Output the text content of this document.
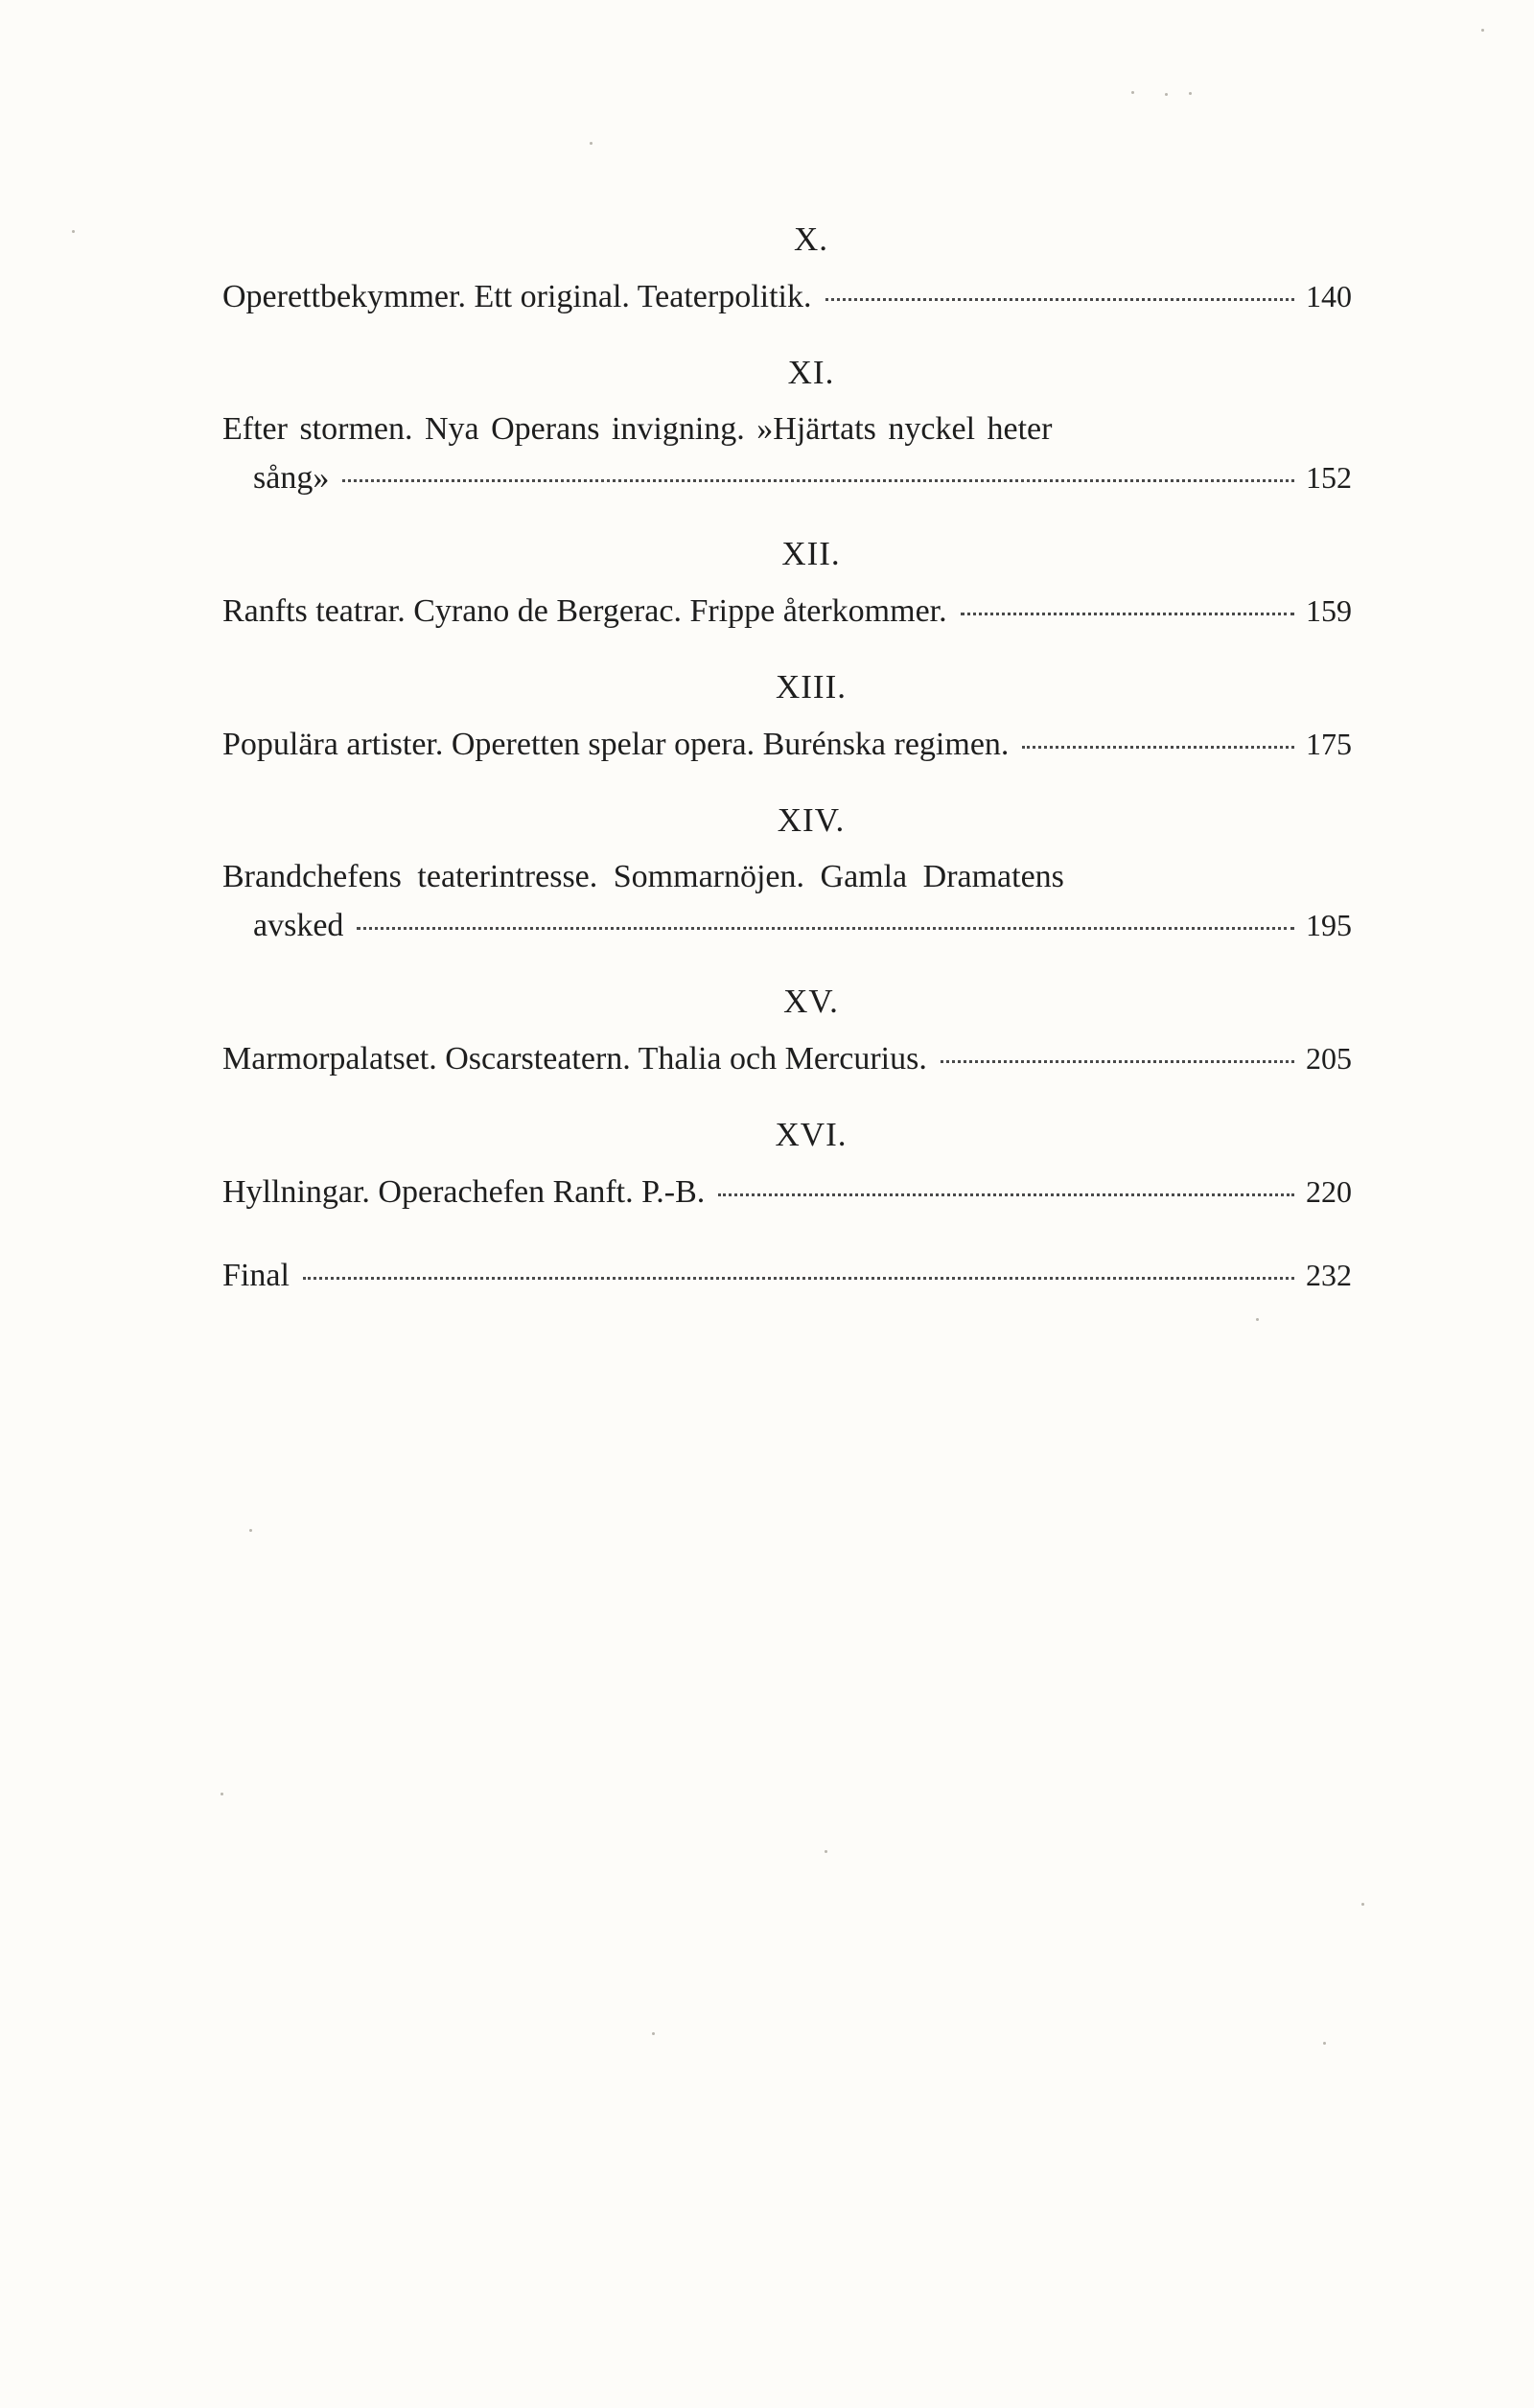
X.
Operettbekymmer. Ett original. Teaterpolitik.	140
XI.
Efter stormen. Nya Operans invigning. »Hjärtats nyckel heter
sång»	152
XII.
Ranfts teatrar. Cyrano de Bergerac. Frippe återkommer.	159
XIII.
Populära artister. Operetten spelar opera. Burénska regimen.	175
XIV.
Brandchefens teaterintresse. Sommarnöjen. Gamla Dramatens
avsked	195
XV.
Marmorpalatset. Oscarsteatern. Thalia och Mercurius.	205
XVI.
Hyllningar. Operachefen Ranft. P.-B.	220
Final	232
